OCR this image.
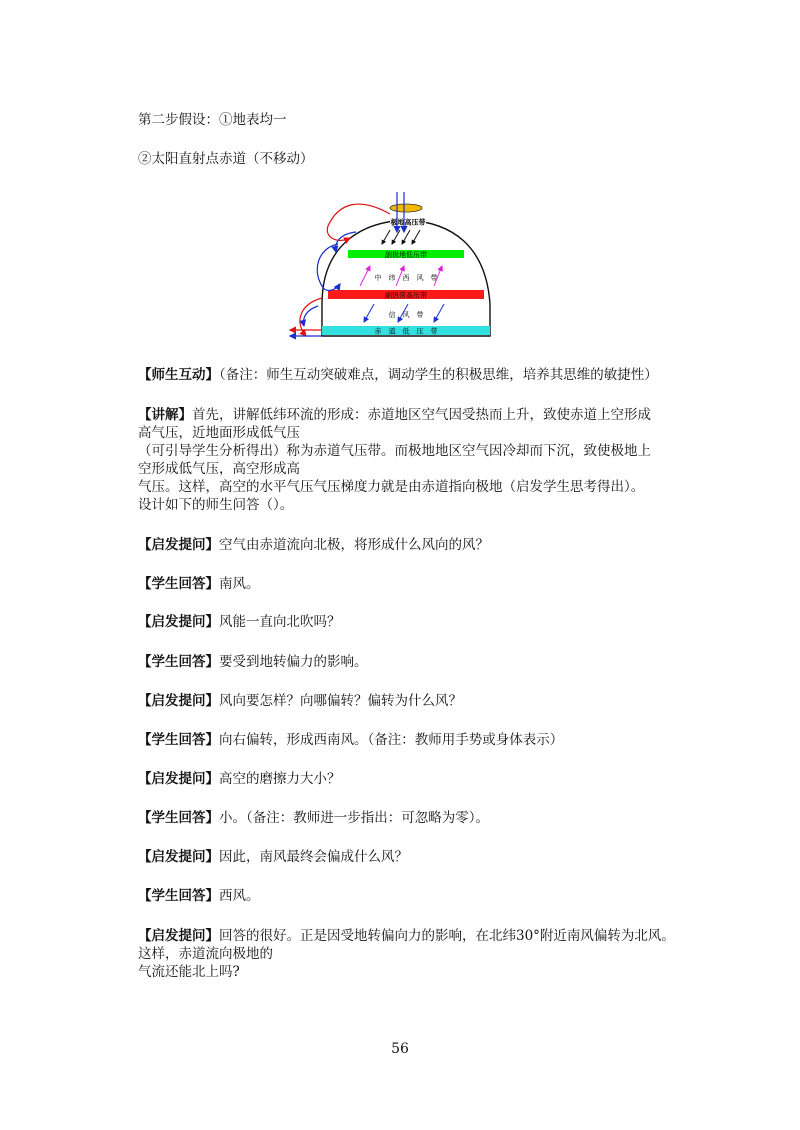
第二步假设：①地表均一
②太阳直射点赤道（不移动）
极地高压带
副极地低压带
中　纬　西　风　带
副热带高压带
信　风　带
赤　道　低　压　带
【师生互动】（备注：师生互动突破难点，调动学生的积极思维，培养其思维的敏捷性）
【讲解】首先，讲解低纬环流的形成：赤道地区空气因受热而上升，致使赤道上空形成
高气压，近地面形成低气压
（可引导学生分析得出）称为赤道气压带。而极地地区空气因冷却而下沉，致使极地上
空形成低气压，高空形成高
气压。这样，高空的水平气压气压梯度力就是由赤道指向极地（启发学生思考得出）。
设计如下的师生问答（）。
【启发提问】空气由赤道流向北极，将形成什么风向的风？
【学生回答】南风。
【启发提问】风能一直向北吹吗？
【学生回答】要受到地转偏力的影响。
【启发提问】风向要怎样？向哪偏转？偏转为什么风？
【学生回答】向右偏转，形成西南风。（备注：教师用手势或身体表示）
【启发提问】高空的磨擦力大小？
【学生回答】小。（备注：教师进一步指出：可忽略为零）。
【启发提问】因此，南风最终会偏成什么风？
【学生回答】西风。
【启发提问】回答的很好。正是因受地转偏向力的影响，在北纬30°附近南风偏转为北风。
这样，赤道流向极地的
气流还能北上吗?
56
